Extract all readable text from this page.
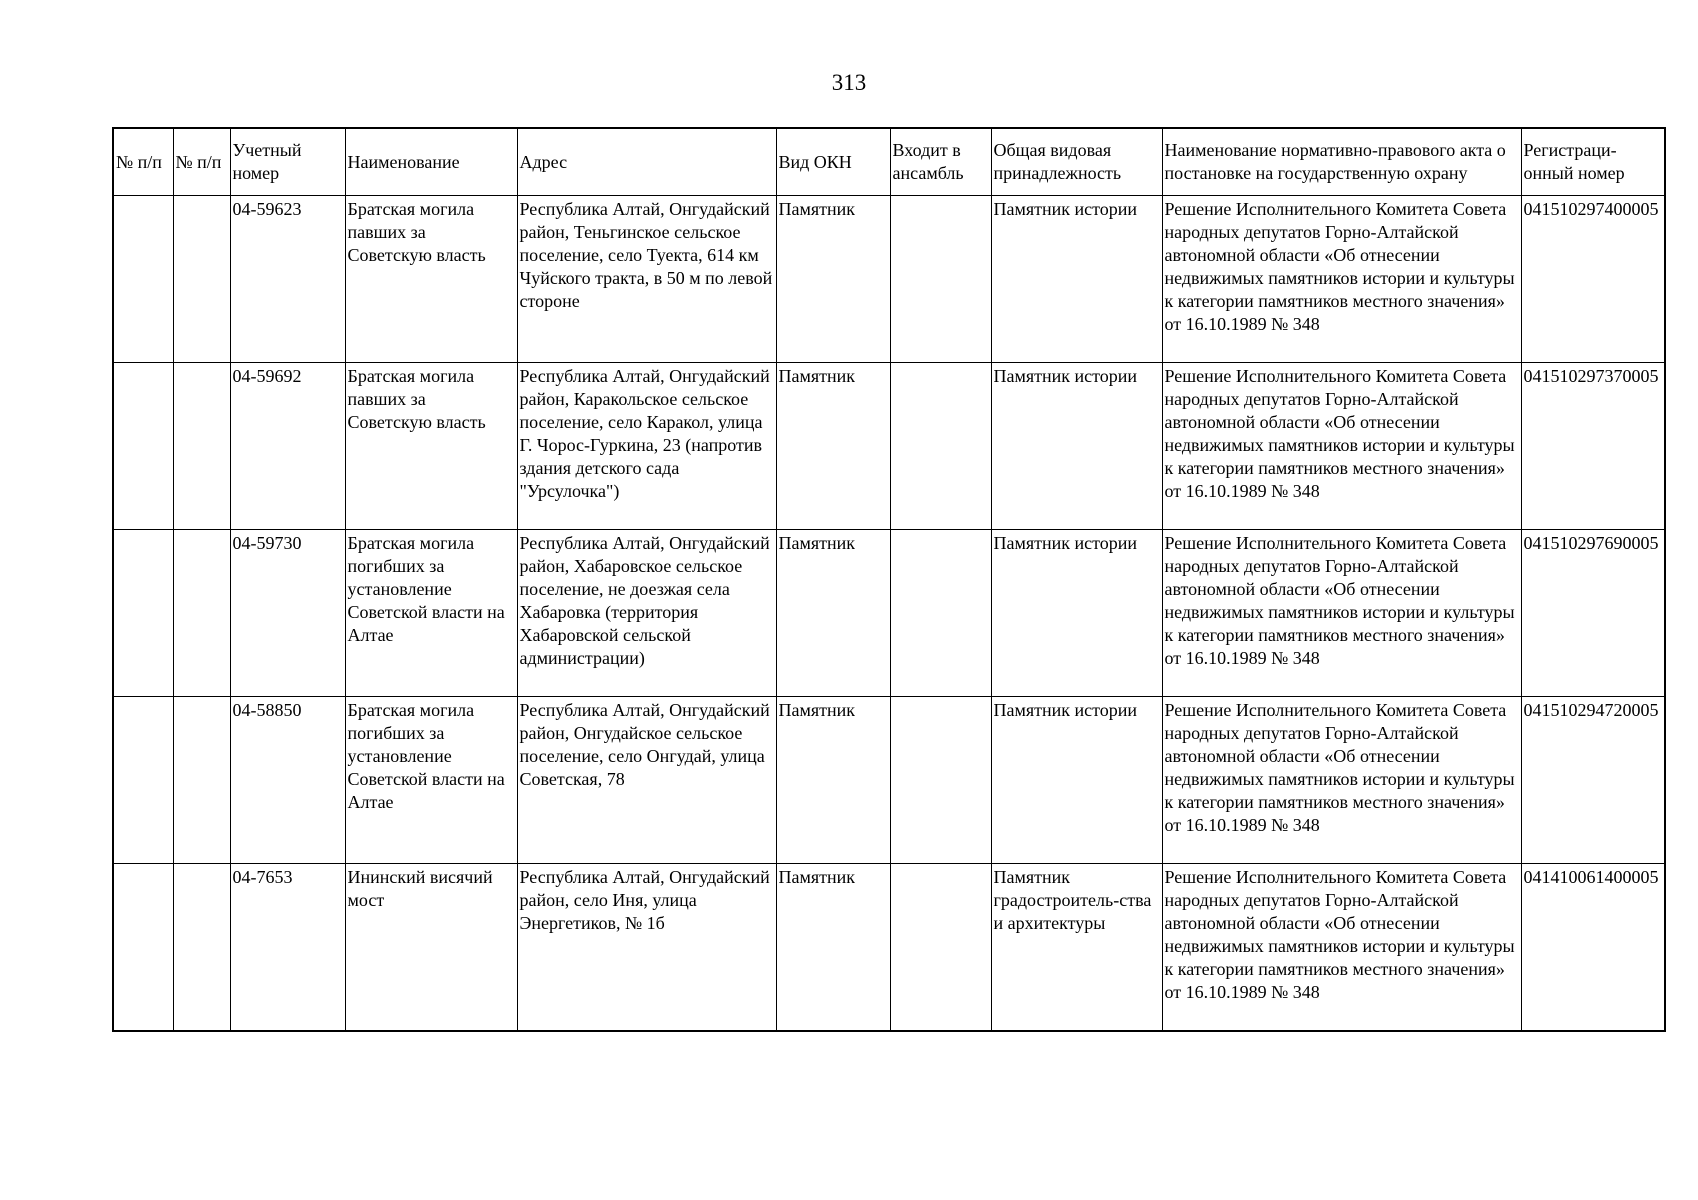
313
№ п/п	№ п/п	Учетный номер	Наименование	Адрес	Вид ОКН	Входит в ансамбль	Общая видовая принадлежность	Наименование нормативно-правового акта о постановке на государственную охрану	Регистраци-онный номер
		04-59623	Братская могила павших за Советскую власть	Республика Алтай, Онгудайский район, Теньгинское сельское поселение, село Туекта, 614 км Чуйского тракта, в 50 м по левой стороне	Памятник		Памятник истории	Решение Исполнительного Комитета Совета народных депутатов Горно-Алтайской автономной области «Об отнесении недвижимых памятников истории и культуры к категории памятников местного значения» от 16.10.1989 № 348	041510297400005
		04-59692	Братская могила павших за Советскую власть	Республика Алтай, Онгудайский район, Каракольское сельское поселение, село Каракол, улица Г. Чорос-Гуркина, 23 (напротив здания детского сада "Урсулочка")	Памятник		Памятник истории	Решение Исполнительного Комитета Совета народных депутатов Горно-Алтайской автономной области «Об отнесении недвижимых памятников истории и культуры к категории памятников местного значения» от 16.10.1989 № 348	041510297370005
		04-59730	Братская могила погибших за установление Советской власти на Алтае	Республика Алтай, Онгудайский район, Хабаровское сельское поселение, не доезжая села Хабаровка (территория Хабаровской сельской администрации)	Памятник		Памятник истории	Решение Исполнительного Комитета Совета народных депутатов Горно-Алтайской автономной области «Об отнесении недвижимых памятников истории и культуры к категории памятников местного значения» от 16.10.1989 № 348	041510297690005
		04-58850	Братская могила погибших за установление Советской власти на Алтае	Республика Алтай, Онгудайский район, Онгудайское сельское поселение, село Онгудай, улица Советская, 78	Памятник		Памятник истории	Решение Исполнительного Комитета Совета народных депутатов Горно-Алтайской автономной области «Об отнесении недвижимых памятников истории и культуры к категории памятников местного значения» от 16.10.1989 № 348	041510294720005
		04-7653	Ининский висячий мост	Республика Алтай, Онгудайский район, село Иня, улица Энергетиков, № 1б	Памятник		Памятник градостроитель-ства и архитектуры	Решение Исполнительного Комитета Совета народных депутатов Горно-Алтайской автономной области «Об отнесении недвижимых памятников истории и культуры к категории памятников местного значения» от 16.10.1989 № 348	041410061400005
